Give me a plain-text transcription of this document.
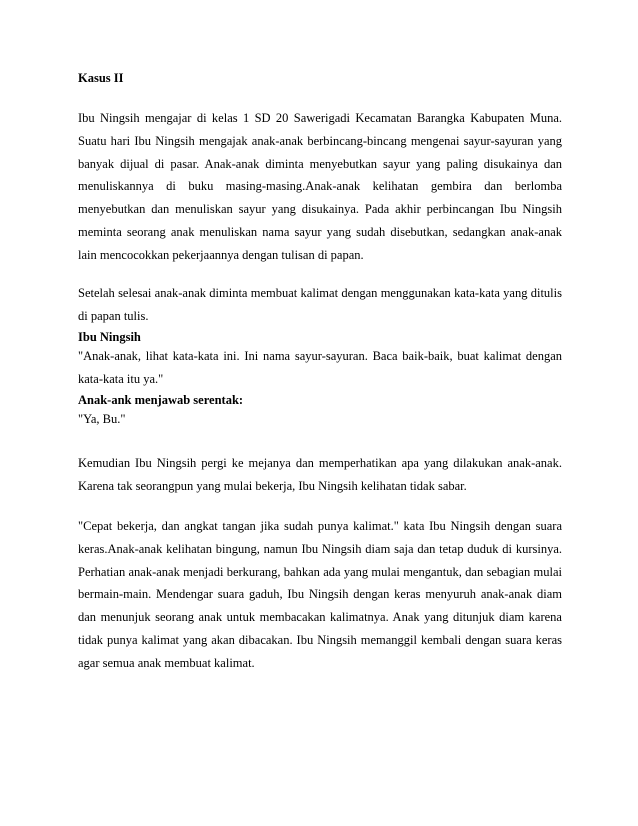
Kasus II

Ibu Ningsih mengajar di kelas 1 SD 20 Sawerigadi Kecamatan Barangka Kabupaten Muna. Suatu hari Ibu Ningsih mengajak anak-anak berbincang-bincang mengenai sayur-sayuran yang banyak dijual di pasar. Anak-anak diminta menyebutkan sayur yang paling disukainya dan menuliskannya di buku masing-masing.Anak-anak kelihatan gembira dan berlomba menyebutkan dan menuliskan sayur yang disukainya. Pada akhir perbincangan Ibu Ningsih meminta seorang anak menuliskan nama sayur yang sudah disebutkan, sedangkan anak-anak lain mencocokkan pekerjaannya dengan tulisan di papan.

Setelah selesai anak-anak diminta membuat kalimat dengan menggunakan kata-kata yang ditulis di papan tulis.

Ibu Ningsih

"Anak-anak, lihat kata-kata ini. Ini nama sayur-sayuran. Baca baik-baik, buat kalimat dengan kata-kata itu ya."

Anak-ank menjawab serentak:

"Ya, Bu."

Kemudian Ibu Ningsih pergi ke mejanya dan memperhatikan apa yang dilakukan anak-anak. Karena tak seorangpun yang mulai bekerja, Ibu Ningsih kelihatan tidak sabar.

"Cepat bekerja, dan angkat tangan jika sudah punya kalimat." kata Ibu Ningsih dengan suara keras.Anak-anak kelihatan bingung, namun Ibu Ningsih diam saja dan tetap duduk di kursinya. Perhatian anak-anak menjadi berkurang, bahkan ada yang mulai mengantuk, dan sebagian mulai bermain-main. Mendengar suara gaduh, Ibu Ningsih dengan keras menyuruh anak-anak diam dan menunjuk seorang anak untuk membacakan kalimatnya. Anak yang ditunjuk diam karena tidak punya kalimat yang akan dibacakan. Ibu Ningsih memanggil kembali dengan suara keras agar semua anak membuat kalimat.
